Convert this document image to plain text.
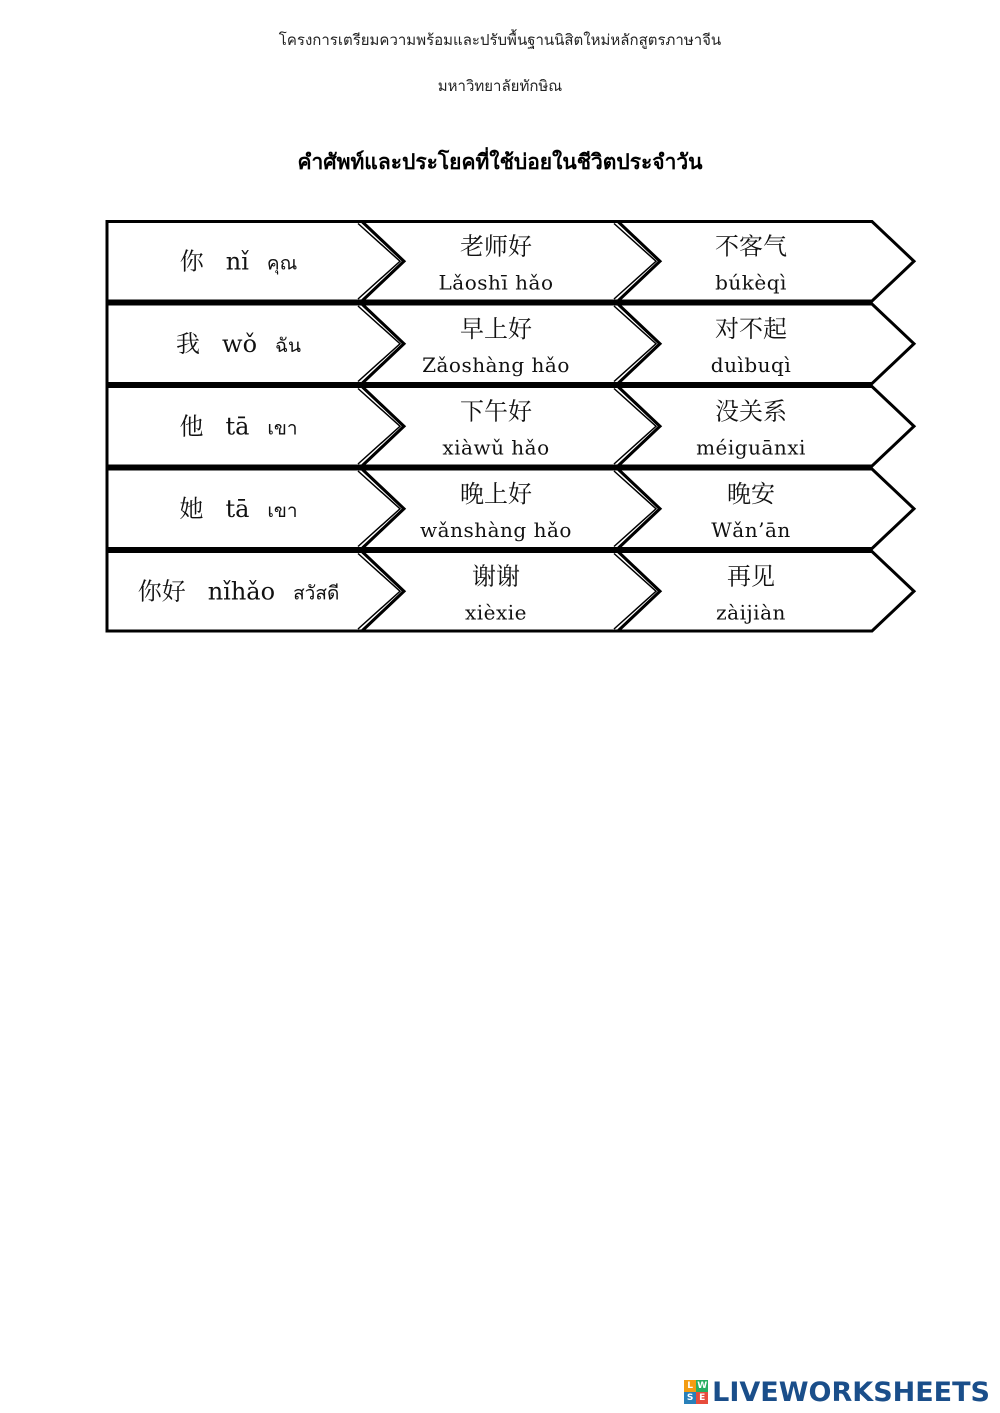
โครงการเตรียมความพร้อมและปรับพื้นฐานนิสิตใหม่หลักสูตรภาษาจีน
มหาวิทยาลัยทักษิณ
คำศัพท์และประโยคที่ใช้บ่อยในชีวิตประจำวัน
你 nǐ คุณ
老师好
Lǎoshī hǎo
不客气
búkèqì
我 wǒ ฉัน
早上好
Zǎoshàng hǎo
对不起
duìbuqì
他 tā เขา
下午好
xiàwǔ hǎo
没关系
méiguānxi
她 tā เขา
晚上好
wǎnshàng hǎo
晚安
Wǎn’ān
你好 nǐhǎo สวัสดี
谢谢
xièxie
再见
zàijiàn
L W
S E LIVEWORKSHEETS
